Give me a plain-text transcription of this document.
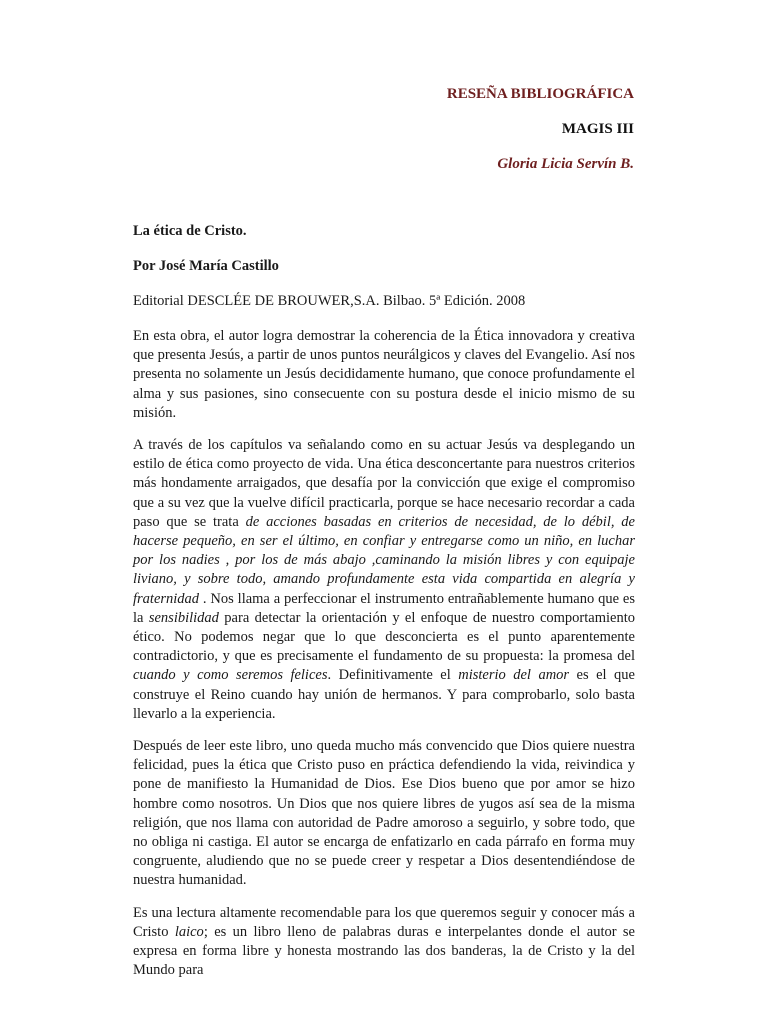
RESEÑA BIBLIOGRÁFICA
MAGIS III
Gloria Licia Servín B.
La ética de Cristo.
Por José María Castillo
Editorial DESCLÉE DE BROUWER,S.A. Bilbao. 5ª Edición. 2008

En esta obra, el autor logra demostrar la coherencia de la Ética innovadora y creativa que presenta Jesús, a partir de unos puntos neurálgicos y claves del Evangelio. Así nos presenta no solamente un Jesús decididamente humano, que conoce profundamente el alma y sus pasiones, sino consecuente con su postura desde el inicio mismo de su misión.

A través de los capítulos va señalando como en su actuar Jesús va desplegando un estilo de ética como proyecto de vida. Una ética desconcertante para nuestros criterios más hondamente arraigados, que desafía por la convicción que exige el compromiso que a su vez que la vuelve difícil practicarla, porque se hace necesario recordar a cada paso que se trata de acciones basadas en criterios de necesidad, de lo débil, de hacerse pequeño, en ser el último, en confiar y entregarse como un niño, en luchar por los nadies , por los de más abajo ,caminando la misión libres y con equipaje liviano, y sobre todo, amando profundamente esta vida compartida en alegría y fraternidad . Nos llama a perfeccionar el instrumento entrañablemente humano que es la sensibilidad para detectar la orientación y el enfoque de nuestro comportamiento ético. No podemos negar que lo que desconcierta es el punto aparentemente contradictorio, y que es precisamente el fundamento de su propuesta: la promesa del cuando y como seremos felices. Definitivamente el misterio del amor es el que construye el Reino cuando hay unión de hermanos. Y para comprobarlo, solo basta llevarlo a la experiencia.

Después de leer este libro, uno queda mucho más convencido que Dios quiere nuestra felicidad, pues la ética que Cristo puso en práctica defendiendo la vida, reivindica y pone de manifiesto la Humanidad de Dios. Ese Dios bueno que por amor se hizo hombre como nosotros. Un Dios que nos quiere libres de yugos así sea de la misma religión, que nos llama con autoridad de Padre amoroso a seguirlo, y sobre todo, que no obliga ni castiga. El autor se encarga de enfatizarlo en cada párrafo en forma muy congruente, aludiendo que no se puede creer y respetar a Dios desentendiéndose de nuestra humanidad.

Es una lectura altamente recomendable para los que queremos seguir y conocer más a Cristo laico; es un libro lleno de palabras duras e interpelantes donde el autor se expresa en forma libre y honesta mostrando las dos banderas, la de Cristo y la del Mundo para
